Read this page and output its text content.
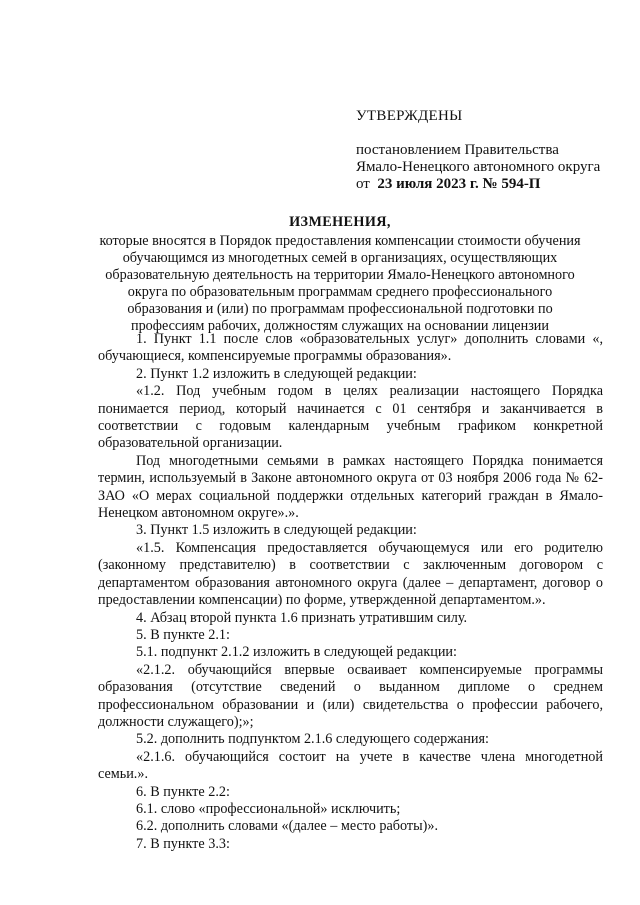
УТВЕРЖДЕНЫ
постановлением Правительства
Ямало-Ненецкого автономного округа
от 23 июля 2023 г. № 594-П
ИЗМЕНЕНИЯ,
которые вносятся в Порядок предоставления компенсации стоимости обучения обучающимся из многодетных семей в организациях, осуществляющих образовательную деятельность на территории Ямало-Ненецкого автономного округа по образовательным программам среднего профессионального образования и (или) по программам профессиональной подготовки по профессиям рабочих, должностям служащих на основании лицензии

1. Пункт 1.1 после слов «образовательных услуг» дополнить словами «, обучающиеся, компенсируемые программы образования».

2. Пункт 1.2 изложить в следующей редакции:

«1.2. Под учебным годом в целях реализации настоящего Порядка понимается период, который начинается с 01 сентября и заканчивается в соответствии с годовым календарным учебным графиком конкретной образовательной организации.

Под многодетными семьями в рамках настоящего Порядка понимается термин, используемый в Законе автономного округа от 03 ноября 2006 года № 62-ЗАО «О мерах социальной поддержки отдельных категорий граждан в Ямало-Ненецком автономном округе».».

3. Пункт 1.5 изложить в следующей редакции:

«1.5. Компенсация предоставляется обучающемуся или его родителю (законному представителю) в соответствии с заключенным договором с департаментом образования автономного округа (далее – департамент, договор о предоставлении компенсации) по форме, утвержденной департаментом.».

4. Абзац второй пункта 1.6 признать утратившим силу.

5. В пункте 2.1:

5.1. подпункт 2.1.2 изложить в следующей редакции:

«2.1.2. обучающийся впервые осваивает компенсируемые программы образования (отсутствие сведений о выданном дипломе о среднем профессиональном образовании и (или) свидетельства о профессии рабочего, должности служащего);»;

5.2. дополнить подпунктом 2.1.6 следующего содержания:

«2.1.6. обучающийся состоит на учете в качестве члена многодетной семьи.».

6. В пункте 2.2:

6.1. слово «профессиональной» исключить;

6.2. дополнить словами «(далее – место работы)».

7. В пункте 3.3:
